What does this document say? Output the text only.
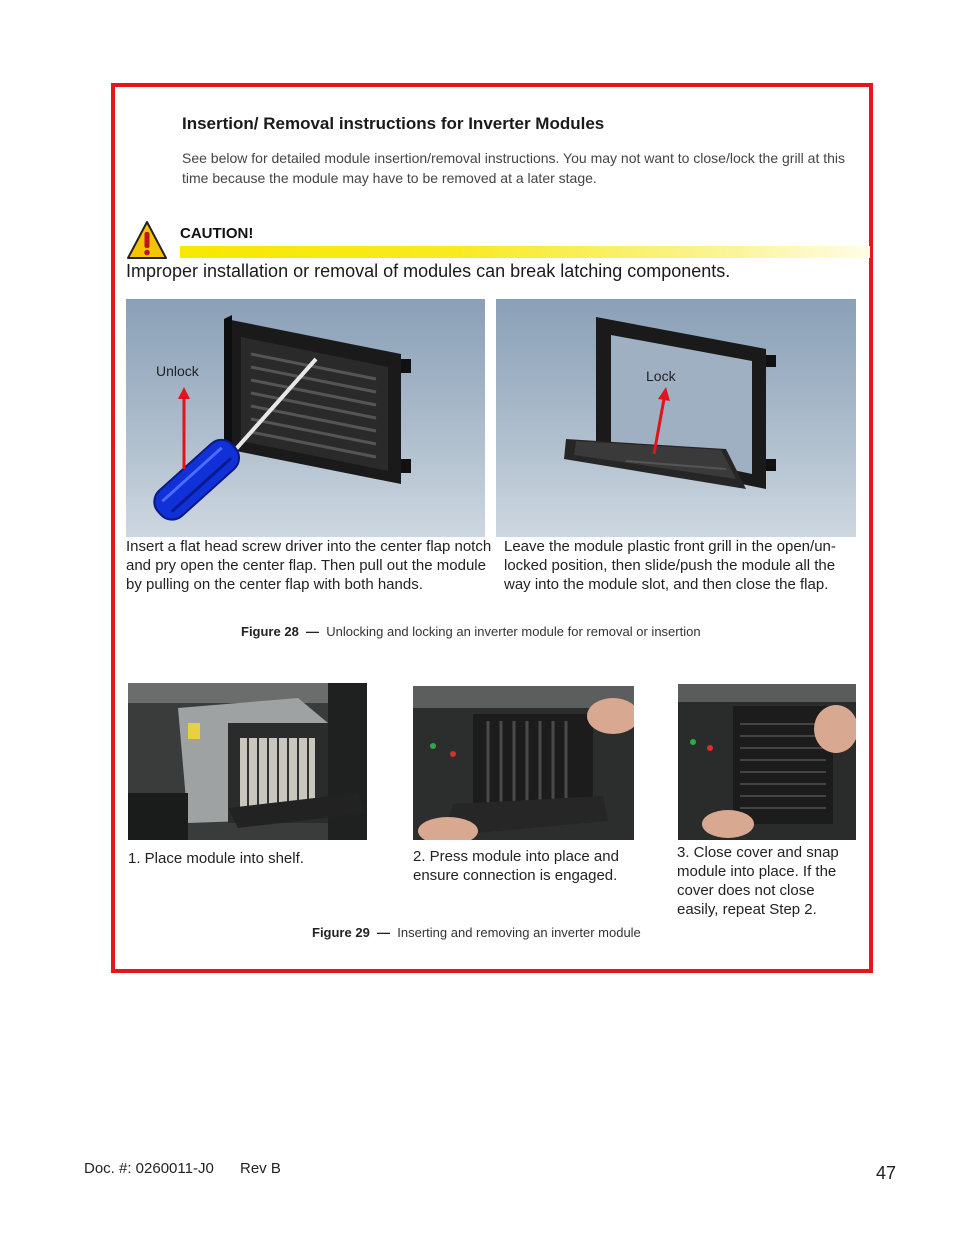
Insertion/ Removal instructions for Inverter Modules
See below for detailed module insertion/removal instructions. You may not want to close/lock the grill at this time because the module may have to be removed at a later stage.
CAUTION!
Improper installation or removal of modules can break latching components.
Unlock	Lock
Insert a flat head screw driver into the center flap notch and pry open the center flap. Then pull out the module by pulling on the center flap with both hands.
Leave the module plastic front grill in the open/un-locked position, then slide/push the module all the way into the module slot, and then close the flap.
Figure 28 — Unlocking and locking an inverter module for removal or insertion
1. Place module into shelf.	2. Press module into place and ensure connection is engaged.
3. Close cover and snap module into place. If the cover does not close easily, repeat Step 2.
Figure 29 — Inserting and removing an inverter module
Doc. #: 0260011-J0 Rev B	47
